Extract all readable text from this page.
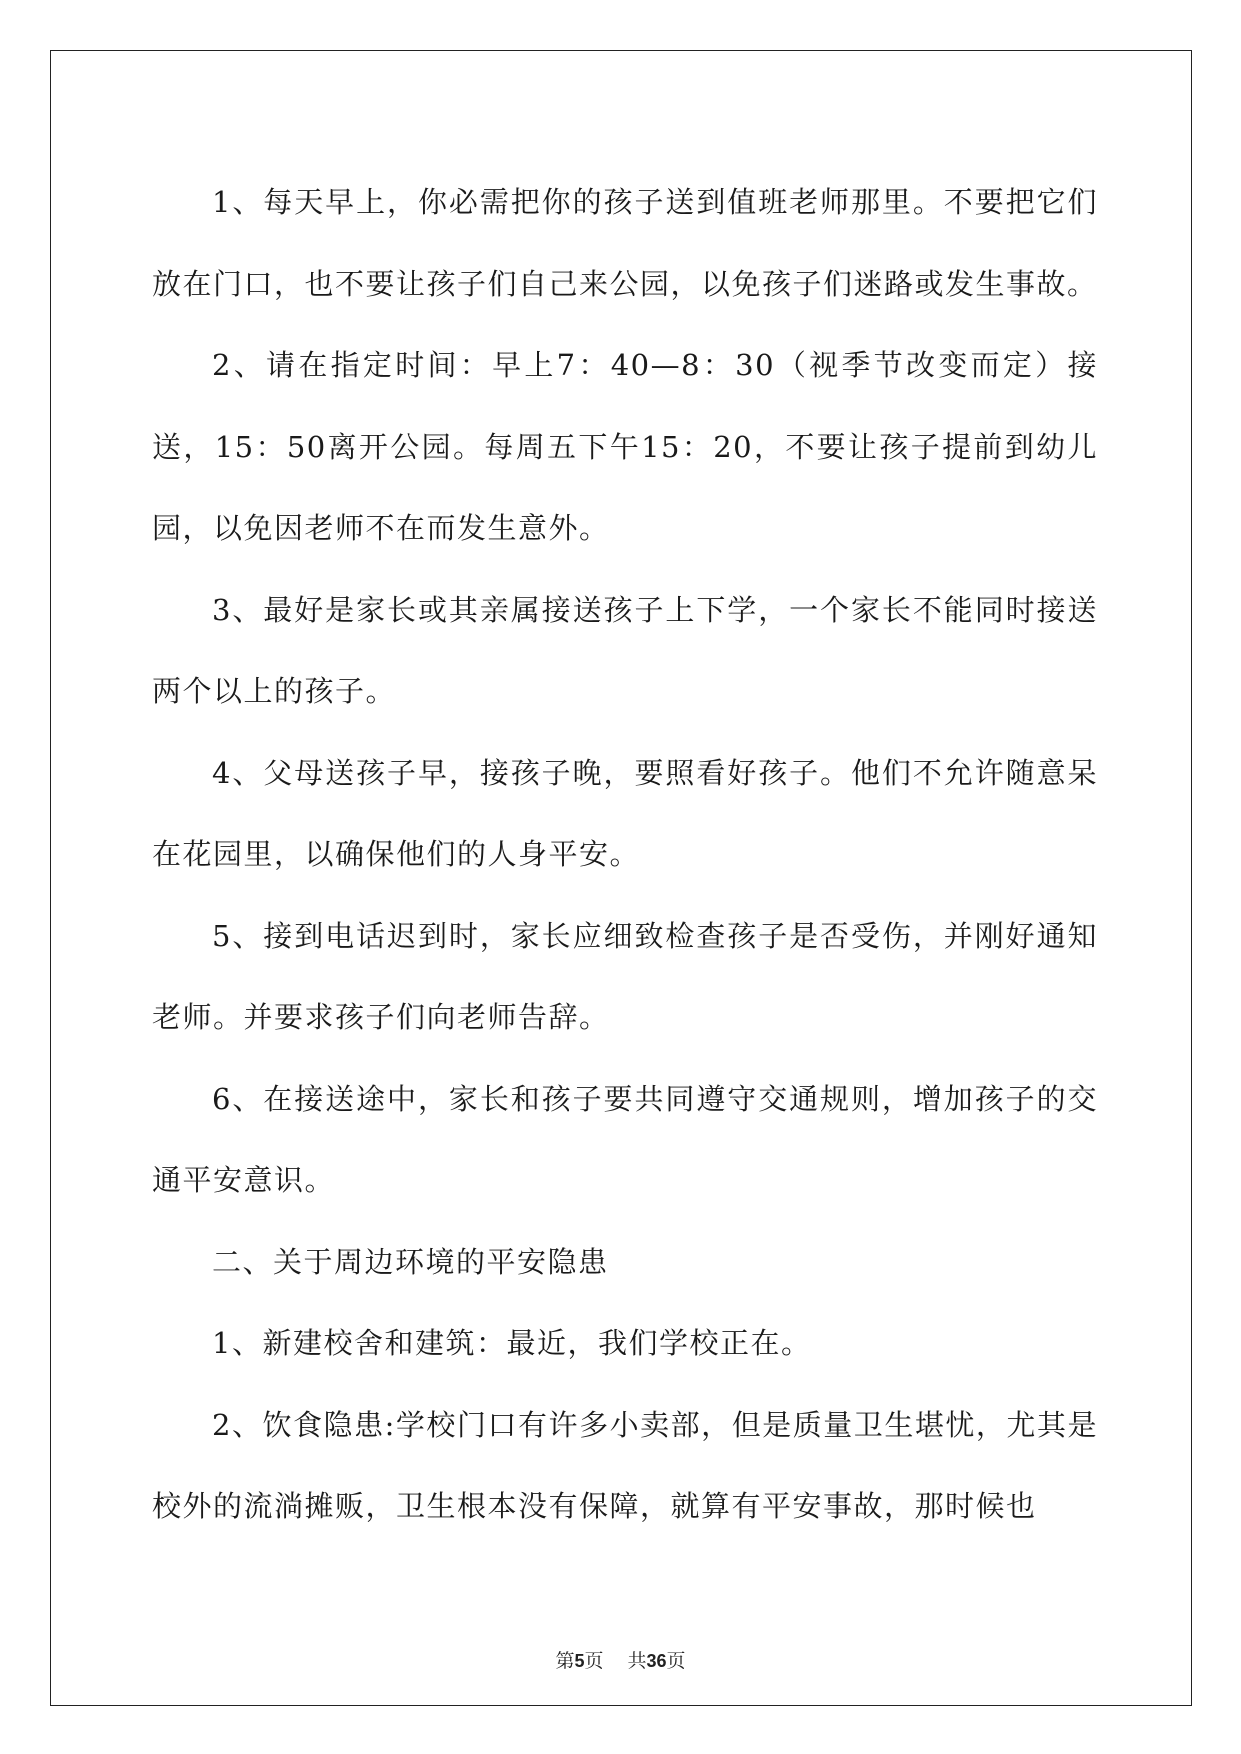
1、每天早上，你必需把你的孩子送到值班老师那里。不要把它们放在门口，也不要让孩子们自己来公园，以免孩子们迷路或发生事故。

2、请在指定时间：早上7：40—8：30（视季节改变而定）接送，15：50离开公园。每周五下午15：20，不要让孩子提前到幼儿园，以免因老师不在而发生意外。

3、最好是家长或其亲属接送孩子上下学，一个家长不能同时接送两个以上的孩子。

4、父母送孩子早，接孩子晚，要照看好孩子。他们不允许随意呆在花园里，以确保他们的人身平安。

5、接到电话迟到时，家长应细致检查孩子是否受伤，并刚好通知老师。并要求孩子们向老师告辞。

6、在接送途中，家长和孩子要共同遵守交通规则，增加孩子的交通平安意识。

二、关于周边环境的平安隐患

1、新建校舍和建筑：最近，我们学校正在。

2、饮食隐患:学校门口有许多小卖部，但是质量卫生堪忧，尤其是校外的流淌摊贩，卫生根本没有保障，就算有平安事故，那时候也

第5页 共36页
